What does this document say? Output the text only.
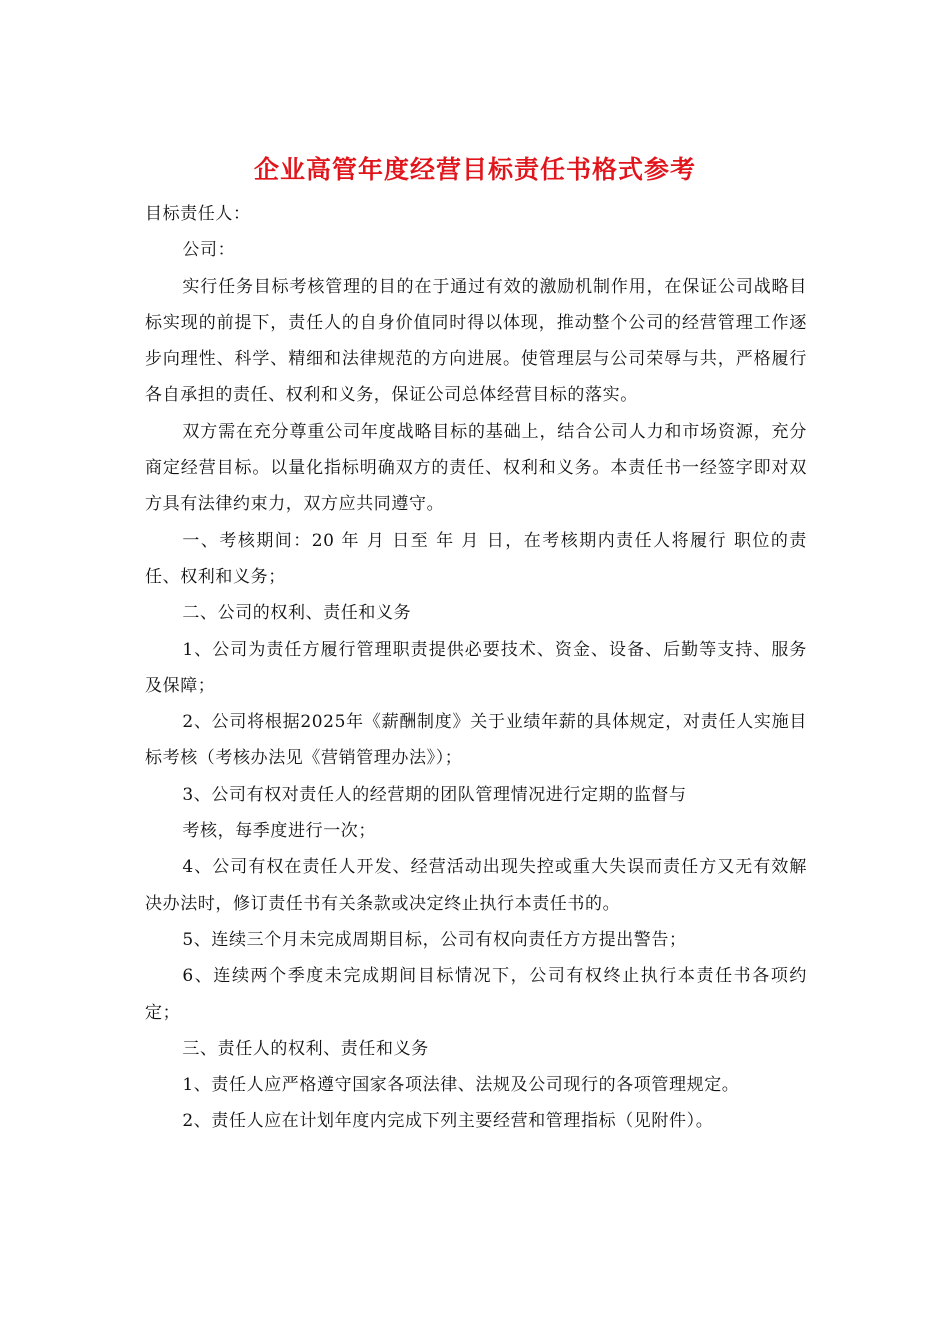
企业高管年度经营目标责任书格式参考

目标责任人：

公司：

实行任务目标考核管理的目的在于通过有效的激励机制作用，在保证公司战略目标实现的前提下，责任人的自身价值同时得以体现，推动整个公司的经营管理工作逐步向理性、科学、精细和法律规范的方向进展。使管理层与公司荣辱与共，严格履行各自承担的责任、权利和义务，保证公司总体经营目标的落实。

双方需在充分尊重公司年度战略目标的基础上，结合公司人力和市场资源，充分商定经营目标。以量化指标明确双方的责任、权利和义务。本责任书一经签字即对双方具有法律约束力，双方应共同遵守。

一、考核期间：20 年 月 日至 年 月 日，在考核期内责任人将履行 职位的责任、权利和义务；

二、公司的权利、责任和义务

1、公司为责任方履行管理职责提供必要技术、资金、设备、后勤等支持、服务及保障；

2、公司将根据2025年《薪酬制度》关于业绩年薪的具体规定，对责任人实施目标考核（考核办法见《营销管理办法》）；

3、公司有权对责任人的经营期的团队管理情况进行定期的监督与

考核，每季度进行一次；

4、公司有权在责任人开发、经营活动出现失控或重大失误而责任方又无有效解决办法时，修订责任书有关条款或决定终止执行本责任书的。

5、连续三个月未完成周期目标，公司有权向责任方方提出警告；

6、连续两个季度未完成期间目标情况下，公司有权终止执行本责任书各项约定；

三、责任人的权利、责任和义务

1、责任人应严格遵守国家各项法律、法规及公司现行的各项管理规定。

2、责任人应在计划年度内完成下列主要经营和管理指标（见附件）。
